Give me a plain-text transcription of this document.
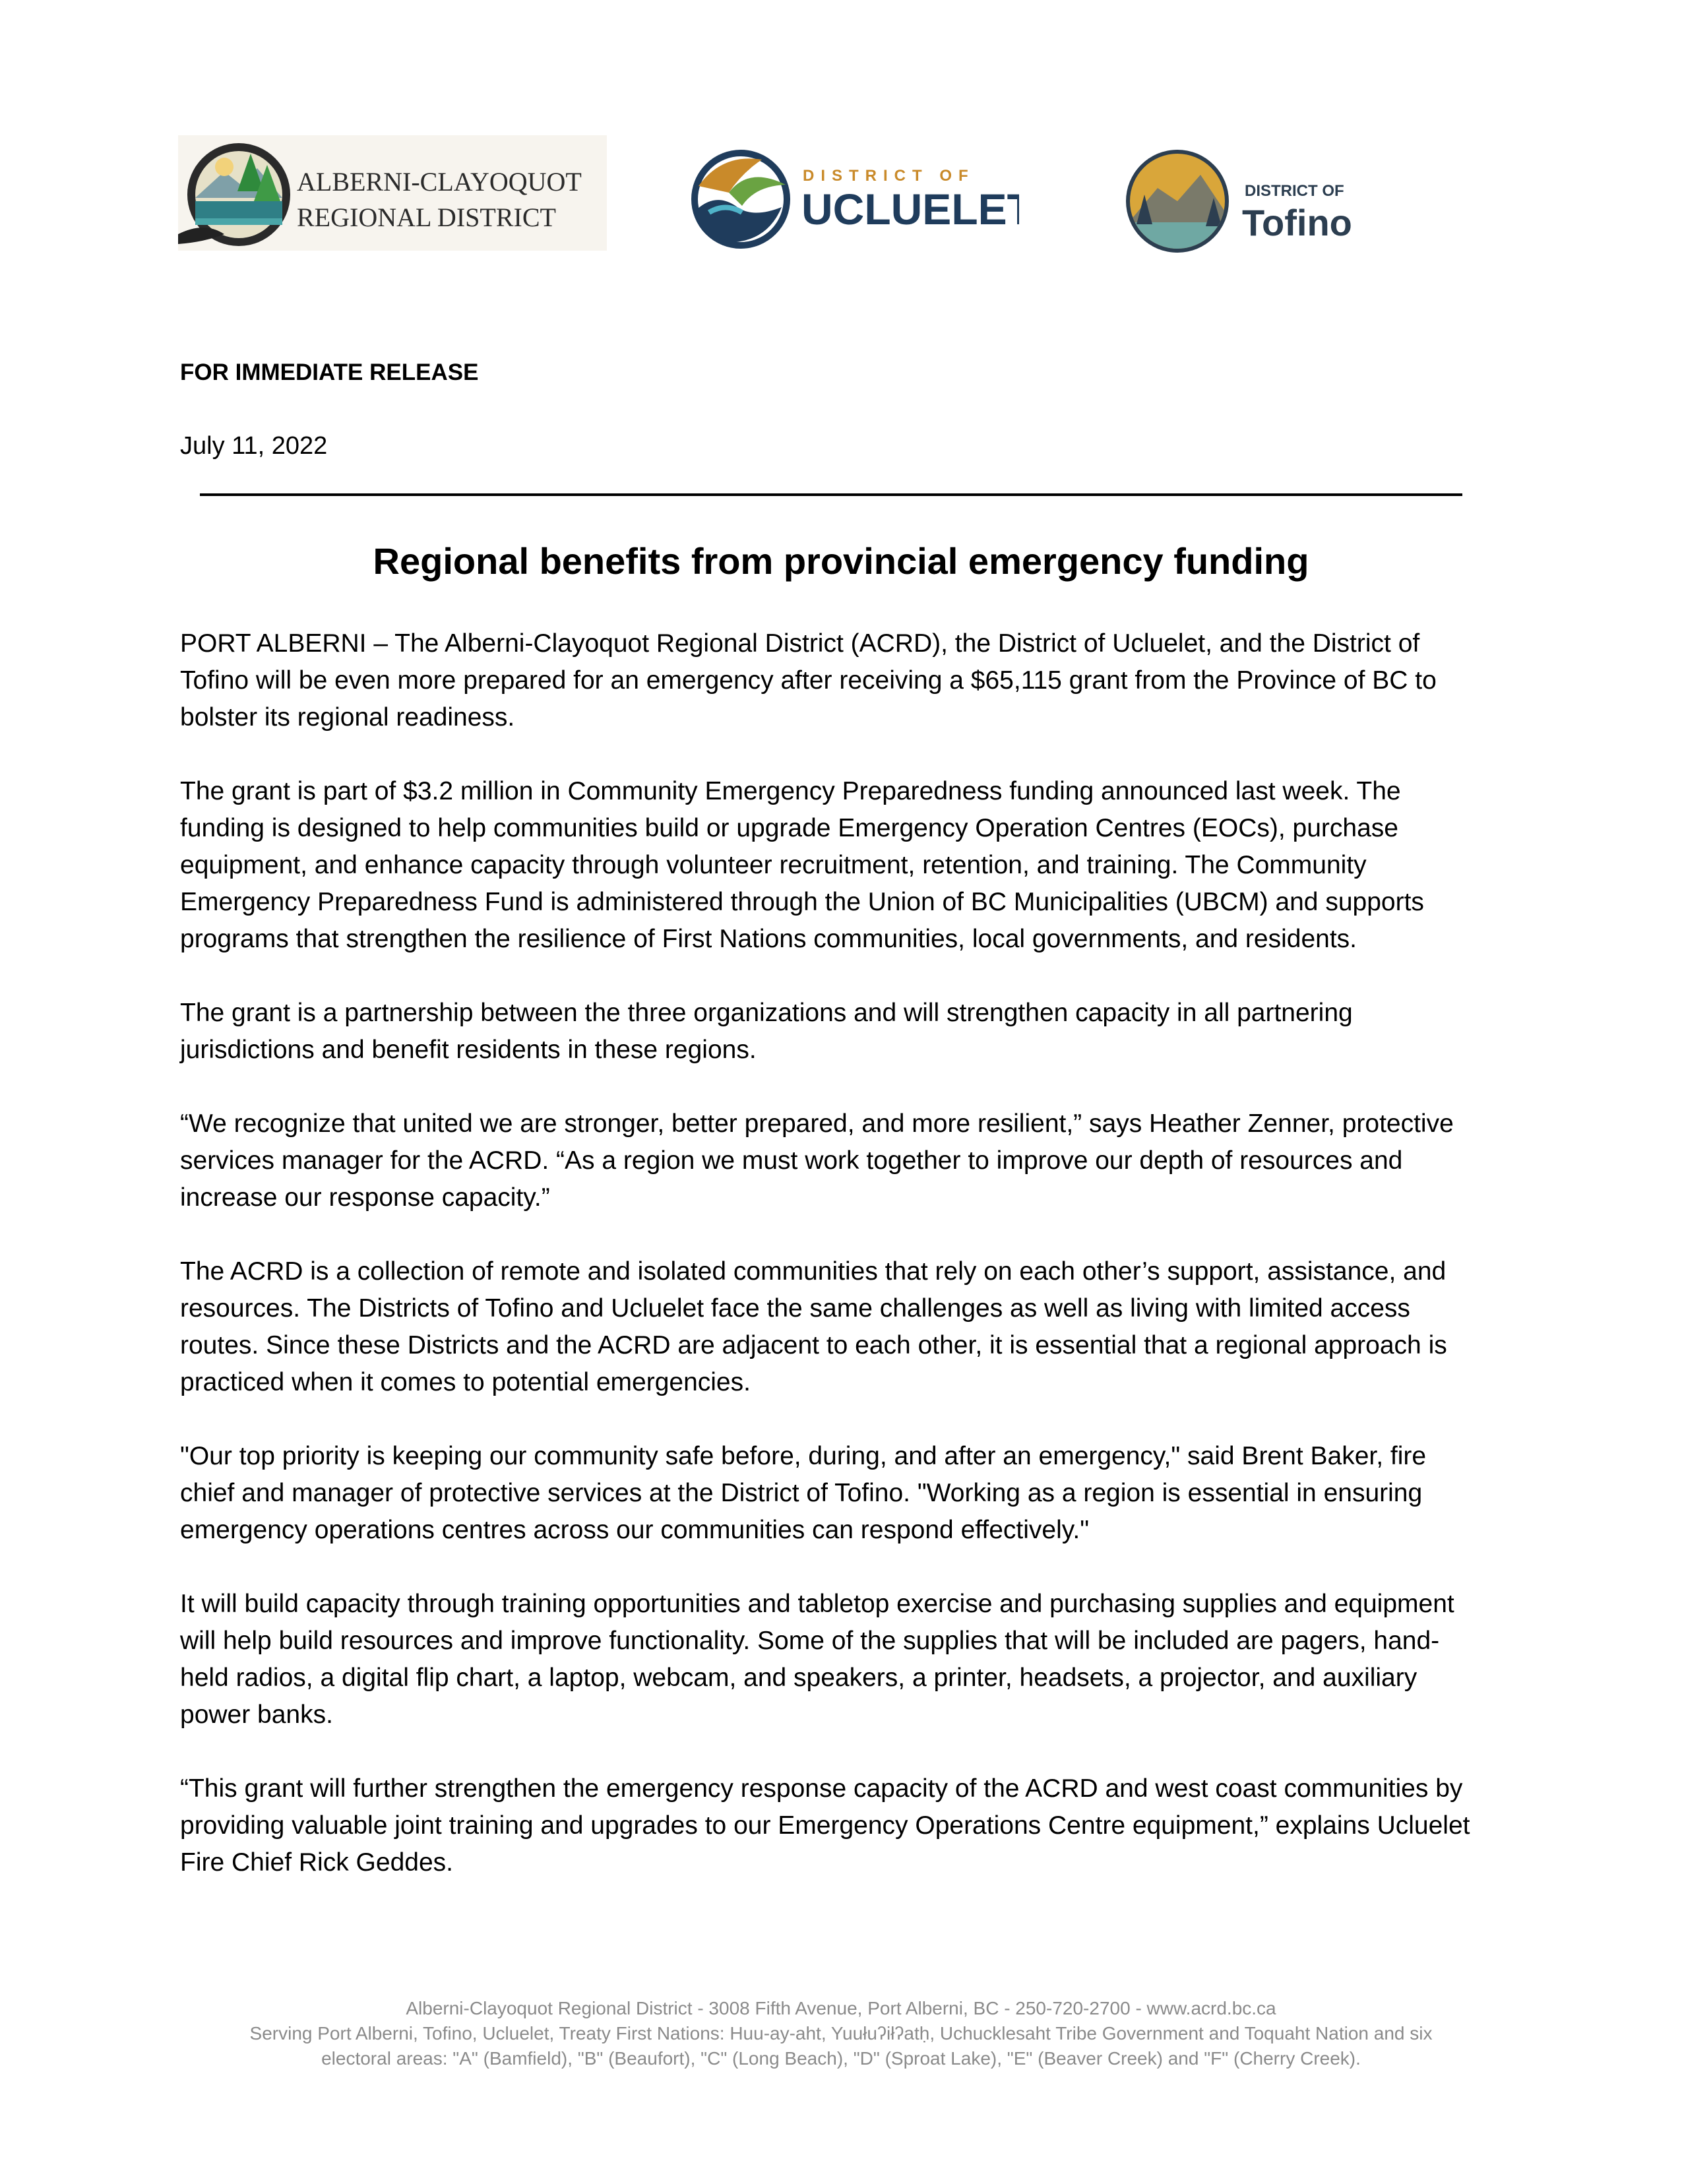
ALBERNI-CLAYOQUOT
REGIONAL DISTRICT
DISTRICT OF
UCLUELET	DISTRICT OF
Tofino
FOR IMMEDIATE RELEASE
July 11, 2022
Regional benefits from provincial emergency funding

PORT ALBERNI – The Alberni-Clayoquot Regional District (ACRD), the District of Ucluelet, and the District of Tofino will be even more prepared for an emergency after receiving a $65,115 grant from the Province of BC to bolster its regional readiness.

The grant is part of $3.2 million in Community Emergency Preparedness funding announced last week. The funding is designed to help communities build or upgrade Emergency Operation Centres (EOCs), purchase equipment, and enhance capacity through volunteer recruitment, retention, and training. The Community Emergency Preparedness Fund is administered through the Union of BC Municipalities (UBCM) and supports programs that strengthen the resilience of First Nations communities, local governments, and residents.

The grant is a partnership between the three organizations and will strengthen capacity in all partnering jurisdictions and benefit residents in these regions.

“We recognize that united we are stronger, better prepared, and more resilient,” says Heather Zenner, protective services manager for the ACRD. “As a region we must work together to improve our depth of resources and increase our response capacity.”

The ACRD is a collection of remote and isolated communities that rely on each other’s support, assistance, and resources. The Districts of Tofino and Ucluelet face the same challenges as well as living with limited access routes. Since these Districts and the ACRD are adjacent to each other, it is essential that a regional approach is practiced when it comes to potential emergencies.

"Our top priority is keeping our community safe before, during, and after an emergency," said Brent Baker, fire chief and manager of protective services at the District of Tofino. "Working as a region is essential in ensuring emergency operations centres across our communities can respond effectively."

It will build capacity through training opportunities and tabletop exercise and purchasing supplies and equipment will help build resources and improve functionality. Some of the supplies that will be included are pagers, hand-held radios, a digital flip chart, a laptop, webcam, and speakers, a printer, headsets, a projector, and auxiliary power banks.

“This grant will further strengthen the emergency response capacity of the ACRD and west coast communities by providing valuable joint training and upgrades to our Emergency Operations Centre equipment,” explains Ucluelet Fire Chief Rick Geddes.

Alberni-Clayoquot Regional District - 3008 Fifth Avenue, Port Alberni, BC - 250-720-2700 - www.acrd.bc.ca
Serving Port Alberni, Tofino, Ucluelet, Treaty First Nations: Huu-ay-aht, Yuułuʔiłʔatḥ, Uchucklesaht Tribe Government and Toquaht Nation and six
electoral areas: "A" (Bamfield), "B" (Beaufort), "C" (Long Beach), "D" (Sproat Lake), "E" (Beaver Creek) and "F" (Cherry Creek).
